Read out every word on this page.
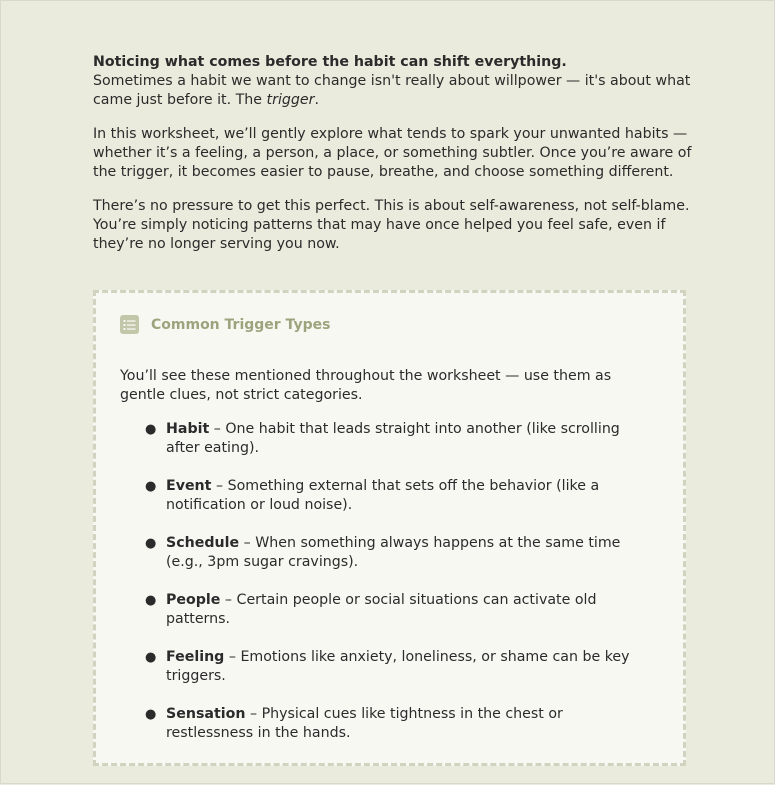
Noticing what comes before the habit can shift everything.
Sometimes a habit we want to change isn't really about willpower — it's about what came just before it. The trigger.

In this worksheet, we’ll gently explore what tends to spark your unwanted habits — whether it’s a feeling, a person, a place, or something subtler. Once you’re aware of the trigger, it becomes easier to pause, breathe, and choose something different.

There’s no pressure to get this perfect. This is about self-awareness, not self-blame. You’re simply noticing patterns that may have once helped you feel safe, even if they’re no longer serving you now.

Common Trigger Types
You’ll see these mentioned throughout the worksheet — use them as gentle clues, not strict categories.
● Habit – One habit that leads straight into another (like scrolling after eating).
● Event – Something external that sets off the behavior (like a notification or loud noise).
● Schedule – When something always happens at the same time (e.g., 3pm sugar cravings).
● People – Certain people or social situations can activate old patterns.
● Feeling – Emotions like anxiety, loneliness, or shame can be key triggers.
● Sensation – Physical cues like tightness in the chest or restlessness in the hands.
